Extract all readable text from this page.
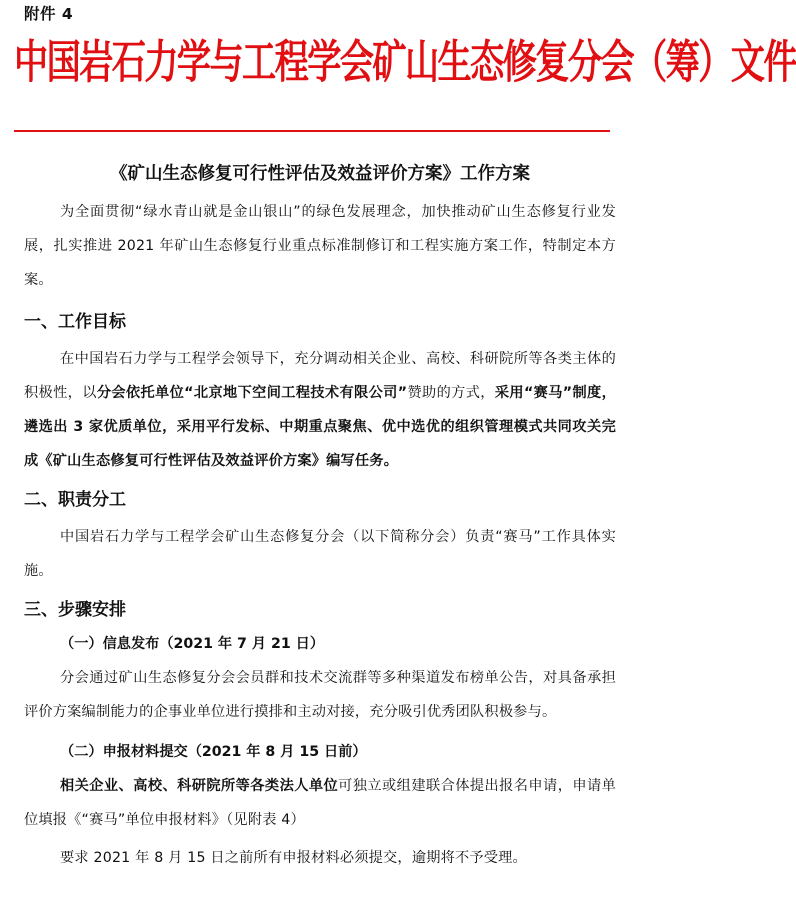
附件 4
中国岩石力学与工程学会矿山生态修复分会（筹）文件
《矿山生态修复可行性评估及效益评价方案》工作方案
为全面贯彻“绿水青山就是金山银山”的绿色发展理念，加快推动矿山生态修复行业发展，扎实推进 2021 年矿山生态修复行业重点标准制修订和工程实施方案工作，特制定本方案。
一、工作目标
在中国岩石力学与工程学会领导下，充分调动相关企业、高校、科研院所等各类主体的积极性，以分会依托单位“北京地下空间工程技术有限公司”赞助的方式，采用“赛马”制度，遴选出 3 家优质单位，采用平行发标、中期重点聚焦、优中选优的组织管理模式共同攻关完成《矿山生态修复可行性评估及效益评价方案》编写任务。
二、职责分工
中国岩石力学与工程学会矿山生态修复分会（以下简称分会）负责“赛马”工作具体实施。
三、步骤安排
（一）信息发布（2021 年 7 月 21 日）
分会通过矿山生态修复分会会员群和技术交流群等多种渠道发布榜单公告，对具备承担评价方案编制能力的企事业单位进行摸排和主动对接，充分吸引优秀团队积极参与。
（二）申报材料提交（2021 年 8 月 15 日前）
相关企业、高校、科研院所等各类法人单位可独立或组建联合体提出报名申请，申请单位填报《“赛马”单位申报材料》（见附表 4）
要求 2021 年 8 月 15 日之前所有申报材料必须提交，逾期将不予受理。
